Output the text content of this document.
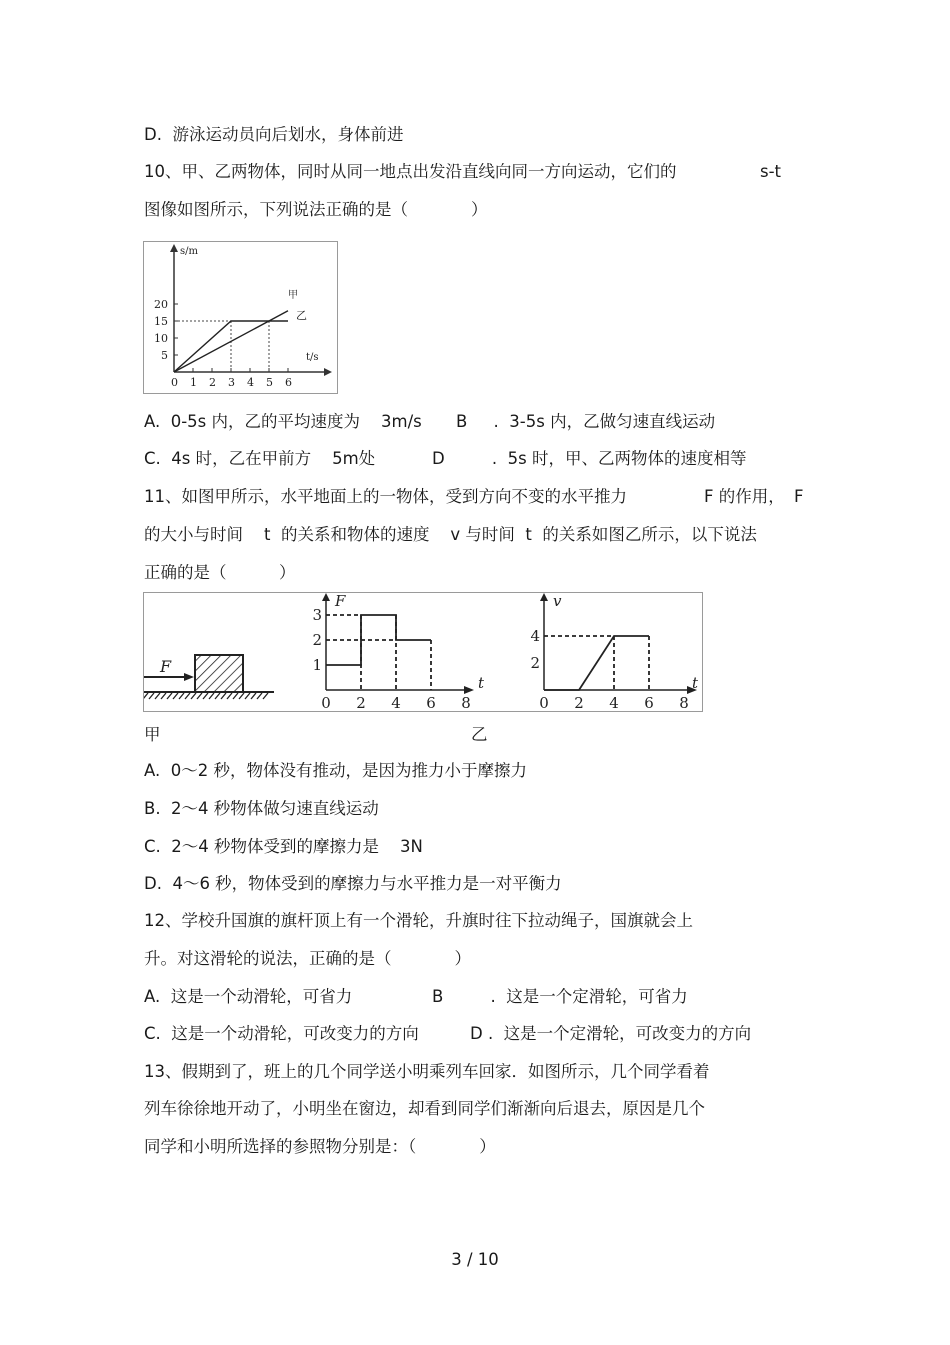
D.  游泳运动员向后划水，身体前进
10、甲、乙两物体，同时从同一地点出发沿直线向同一方向运动，它们的	s-t
图像如图所示，下列说法正确的是（            ）
0 1 2 3 4 5 6
5
10
15
20
s/m
t/s
甲
乙
A.  0-5s 内，乙的平均速度为    3m/s B     .  3-5s 内，乙做匀速直线运动
C.  4s 时，乙在甲前方    5m处	D         .  5s 时，甲、乙两物体的速度相等
11、如图甲所示，水平地面上的一物体，受到方向不变的水平推力	F 的作用， F
的大小与时间    t  的关系和物体的速度    v 与时间  t  的关系如图乙所示，以下说法
正确的是（          ）
F
F
t
0 2 4 6 8
1
2
3
v
t
0 2 4 6 8
2
4
甲	乙
A.  0～2 秒，物体没有推动，是因为推力小于摩擦力
B.  2～4 秒物体做匀速直线运动
C.  2～4 秒物体受到的摩擦力是    3N
D.  4～6 秒，物体受到的摩擦力与水平推力是一对平衡力
12、学校升国旗的旗杆顶上有一个滑轮，升旗时往下拉动绳子，国旗就会上
升。对这滑轮的说法，正确的是（            ）
A.  这是一个动滑轮，可省力	B         .  这是一个定滑轮，可省力
C.  这是一个动滑轮，可改变力的方向	D .  这是一个定滑轮，可改变力的方向
13、假期到了，班上的几个同学送小明乘列车回家．如图所示，几个同学看着
列车徐徐地开动了，小明坐在窗边，却看到同学们渐渐向后退去，原因是几个
同学和小明所选择的参照物分别是：（            ）
3 / 10
